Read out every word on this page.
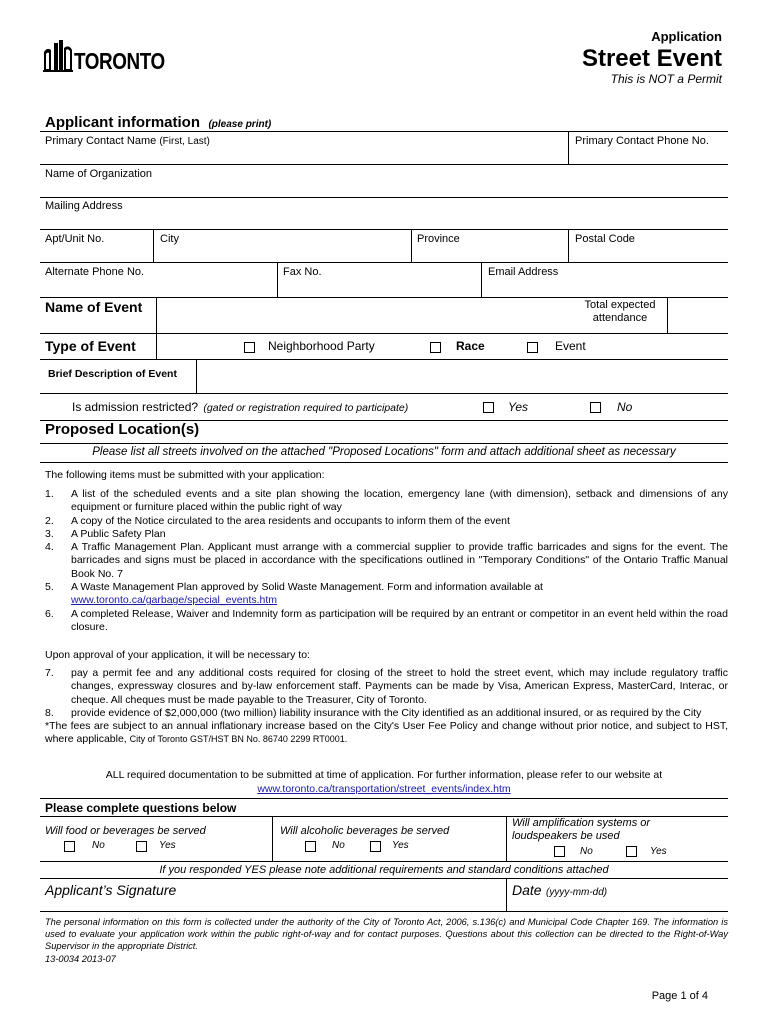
TORONTO
Application
Street Event
This is NOT a Permit
Applicant information (please print)
Primary Contact Name (First, Last)	Primary Contact Phone No.
Name of Organization
Mailing Address
Apt/Unit No.	City	Province	Postal Code
Alternate Phone No.	Fax No.	Email Address
Name of Event	Total expected
attendance
Type of Event	Neighborhood Party	Race	Event
Brief Description of Event
Is admission restricted? (gated or registration required to participate)	Yes	No
Proposed Location(s)
Please list all streets involved on the attached "Proposed Locations" form and attach additional sheet as necessary
The following items must be submitted with your application:
1. A list of the scheduled events and a site plan showing the location, emergency lane (with dimension), setback and dimensions of any equipment or furniture placed within the public right of way
2. A copy of the Notice circulated to the area residents and occupants to inform them of the event
3. A Public Safety Plan
4. A Traffic Management Plan. Applicant must arrange with a commercial supplier to provide traffic barricades and signs for the event. The barricades and signs must be placed in accordance with the specifications outlined in "Temporary Conditions" of the Ontario Traffic Manual Book No. 7
5. A Waste Management Plan approved by Solid Waste Management. Form and information available at
www.toronto.ca/garbage/special_events.htm
6. A completed Release, Waiver and Indemnity form as participation will be required by an entrant or competitor in an event held within the road closure.
Upon approval of your application, it will be necessary to:
7. pay a permit fee and any additional costs required for closing of the street to hold the street event, which may include regulatory traffic changes, expressway closures and by-law enforcement staff. Payments can be made by Visa, American Express, MasterCard, Interac, or cheque. All cheques must be made payable to the Treasurer, City of Toronto.
8. provide evidence of $2,000,000 (two million) liability insurance with the City identified as an additional insured, or as required by the City
*The fees are subject to an annual inflationary increase based on the City's User Fee Policy and change without prior notice, and subject to HST, where applicable, City of Toronto GST/HST BN No. 86740 2299 RT0001.
ALL required documentation to be submitted at time of application. For further information, please refer to our website at
www.toronto.ca/transportation/street_events/index.htm
Please complete questions below
Will food or beverages be served
No	Yes
Will alcoholic beverages be served
No	Yes
Will amplification systems or
loudspeakers be used
No	Yes
If you responded YES please note additional requirements and standard conditions attached
Applicant’s Signature	Date (yyyy-mm-dd)
The personal information on this form is collected under the authority of the City of Toronto Act, 2006, s.136(c) and Municipal Code Chapter 169. The information is used to evaluate your application work within the public right-of-way and for contact purposes. Questions about this collection can be directed to the Right-of-Way Supervisor in the appropriate District.
13-0034 2013-07
Page 1 of 4
